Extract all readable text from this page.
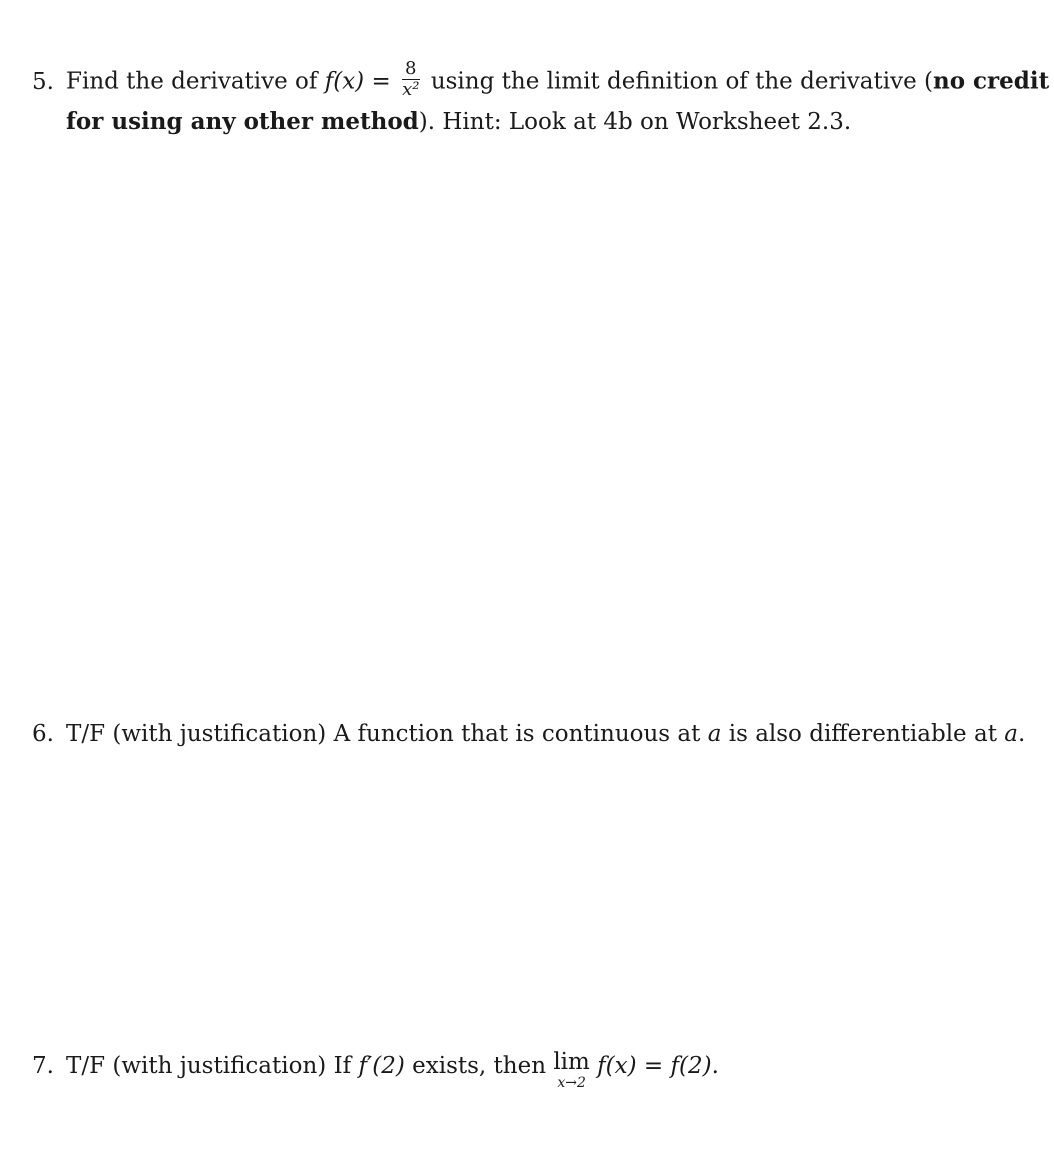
5. Find the derivative of $f(x) = \frac{8}{\text{x²}}$ using the limit definition of the derivative (no credit
for using any other method). Hint: Look at 4b on Worksheet 2.3.
6. T/F (with justification) A function that is continuous at a is also differentiable at a.
7. T/F (with justification) If f′(2) exists, then lim
x→2
f(x) = f(2).
